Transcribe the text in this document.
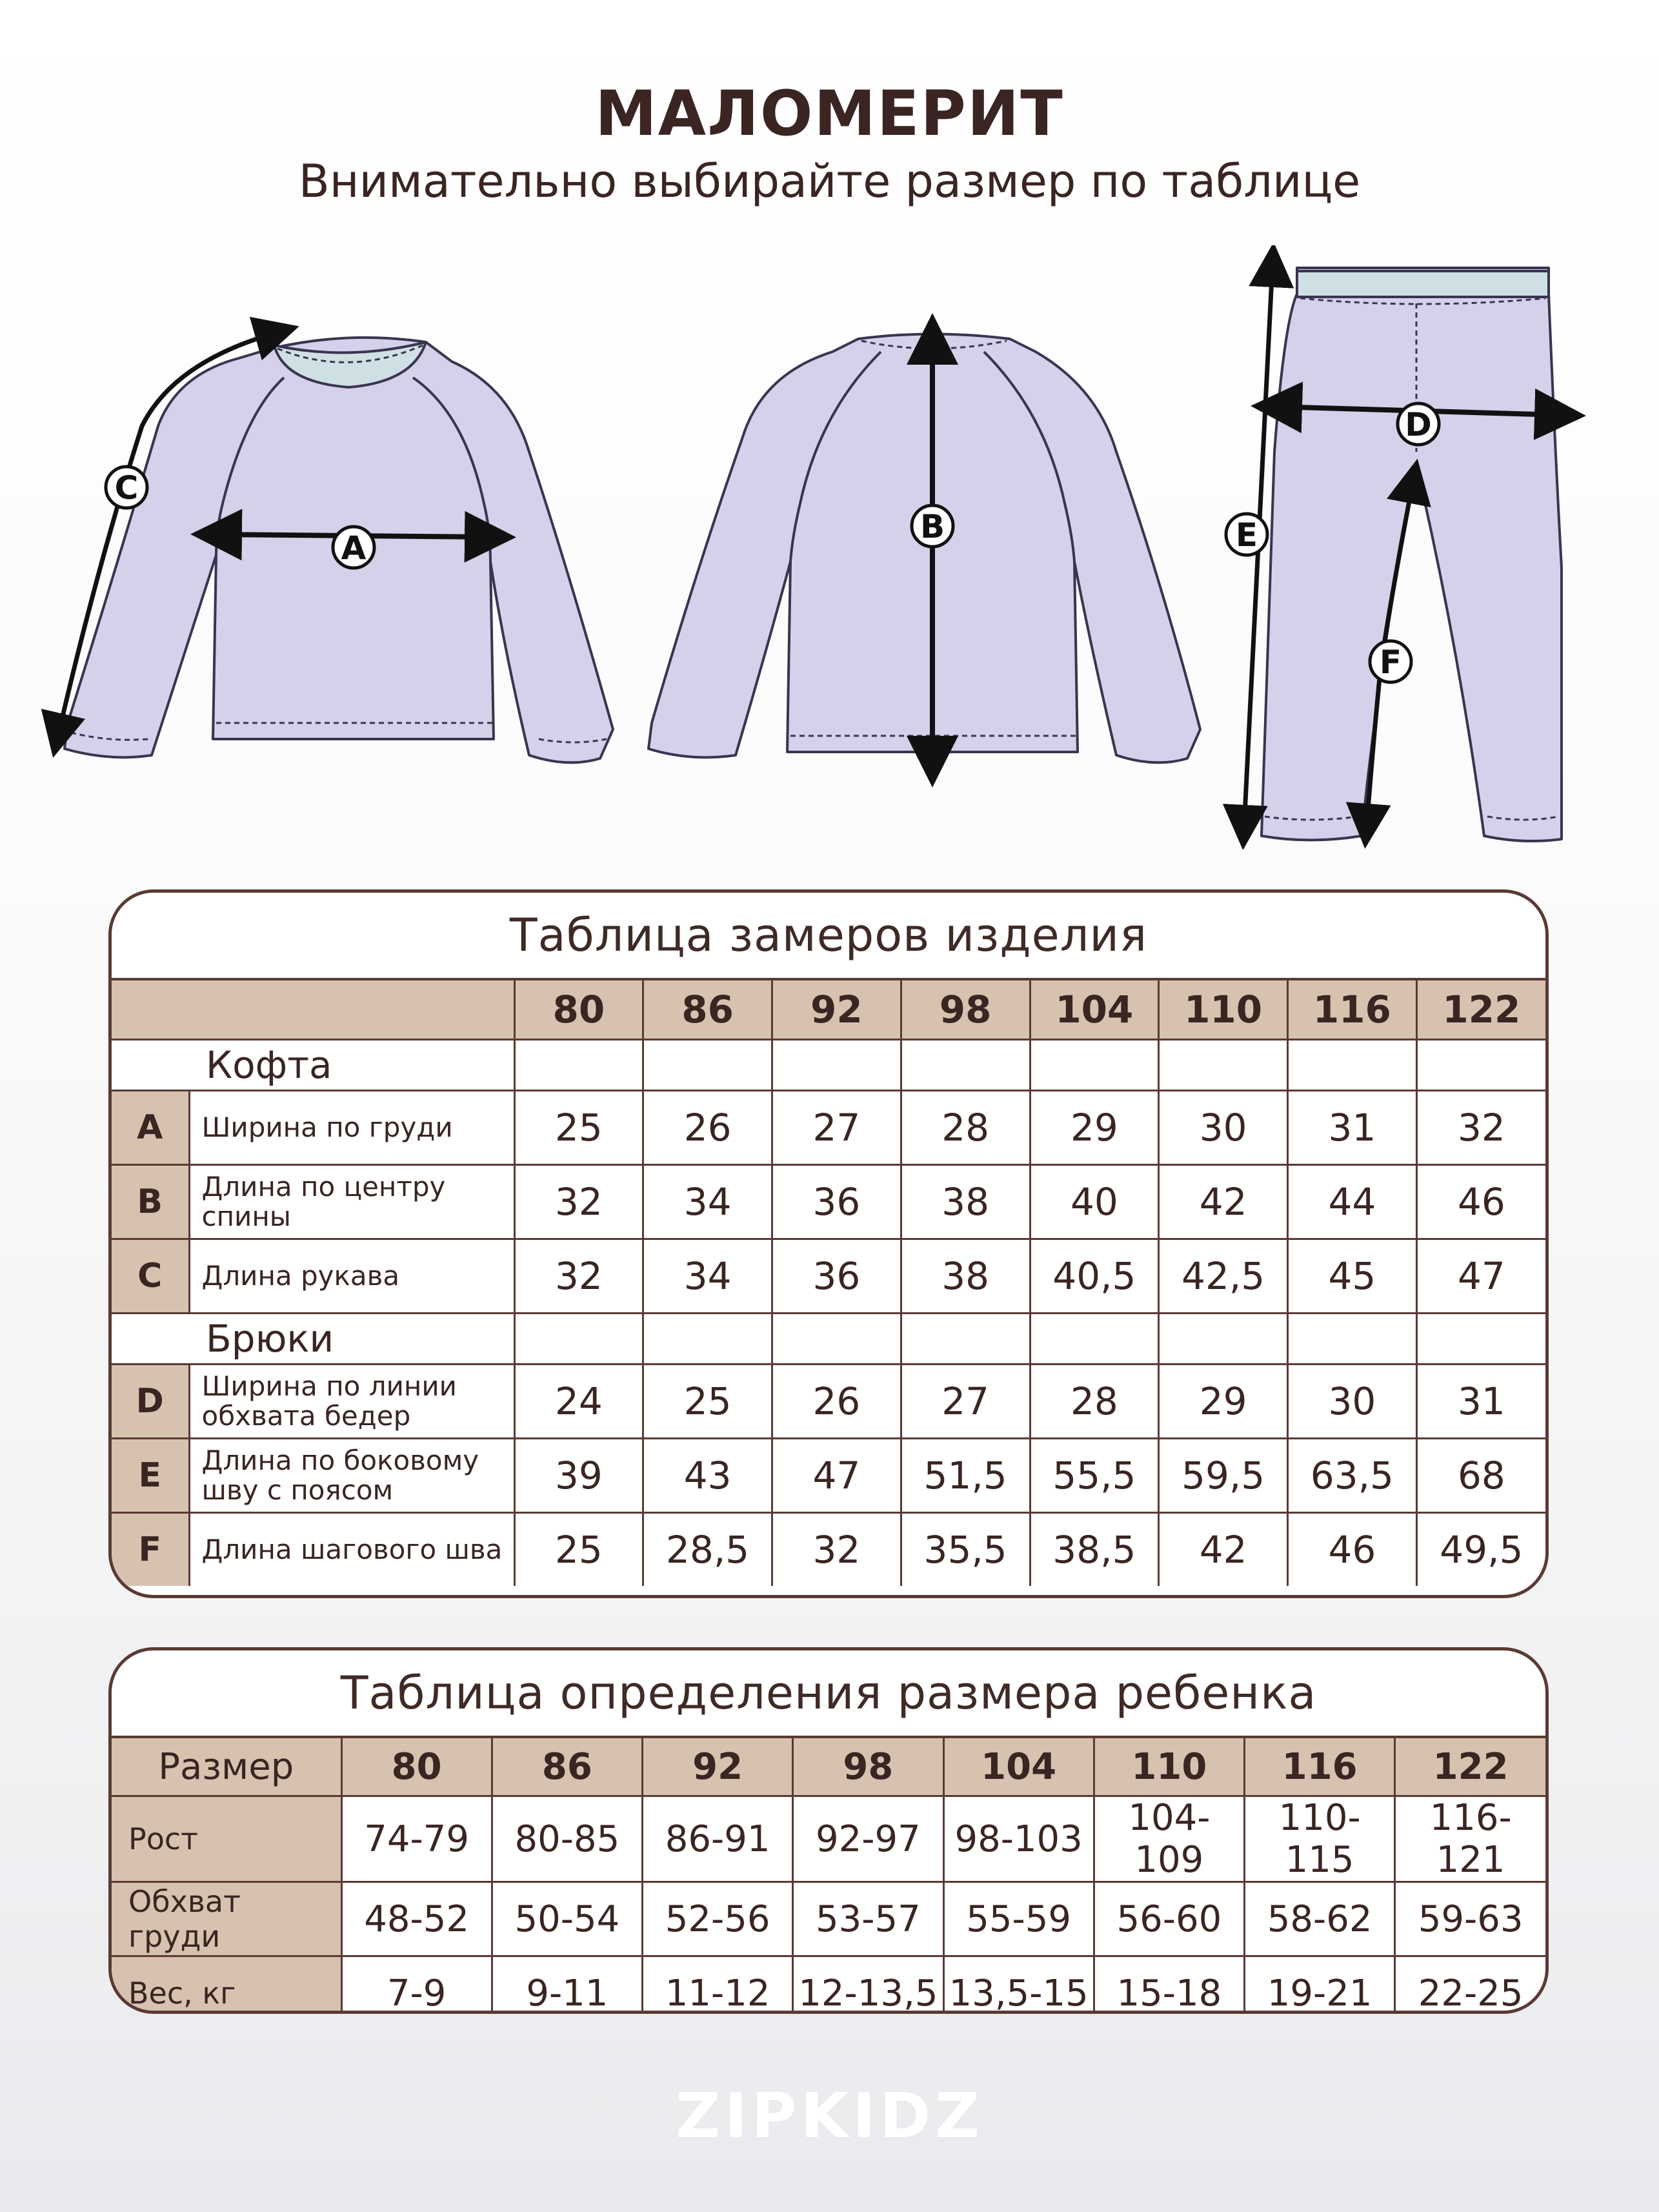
МАЛОМЕРИТ
Внимательно выбирайте размер по таблице
A
C
B
D
E
F
Таблица замеров изделия
		80	86	92	98	104	110	116	122
Кофта									
A	Ширина по груди	25	26	27	28	29	30	31	32
B	Длина по центру спины	32	34	36	38	40	42	44	46
C	Длина рукава	32	34	36	38	40,5	42,5	45	47
Брюки									
D	Ширина по линии обхвата бедер	24	25	26	27	28	29	30	31
E	Длина по боковому шву с поясом	39	43	47	51,5	55,5	59,5	63,5	68
F	Длина шагового шва	25	28,5	32	35,5	38,5	42	46	49,5
Таблица определения размера ребенка
Размер	80	86	92	98	104	110	116	122
Рост	74-79	80-85	86-91	92-97	98-103	104-109	110-115	116-121
Обхват груди	48-52	50-54	52-56	53-57	55-59	56-60	58-62	59-63
Вес, кг	7-9	9-11	11-12	12-13,5	13,5-15	15-18	19-21	22-25
ZIPKIDZ
